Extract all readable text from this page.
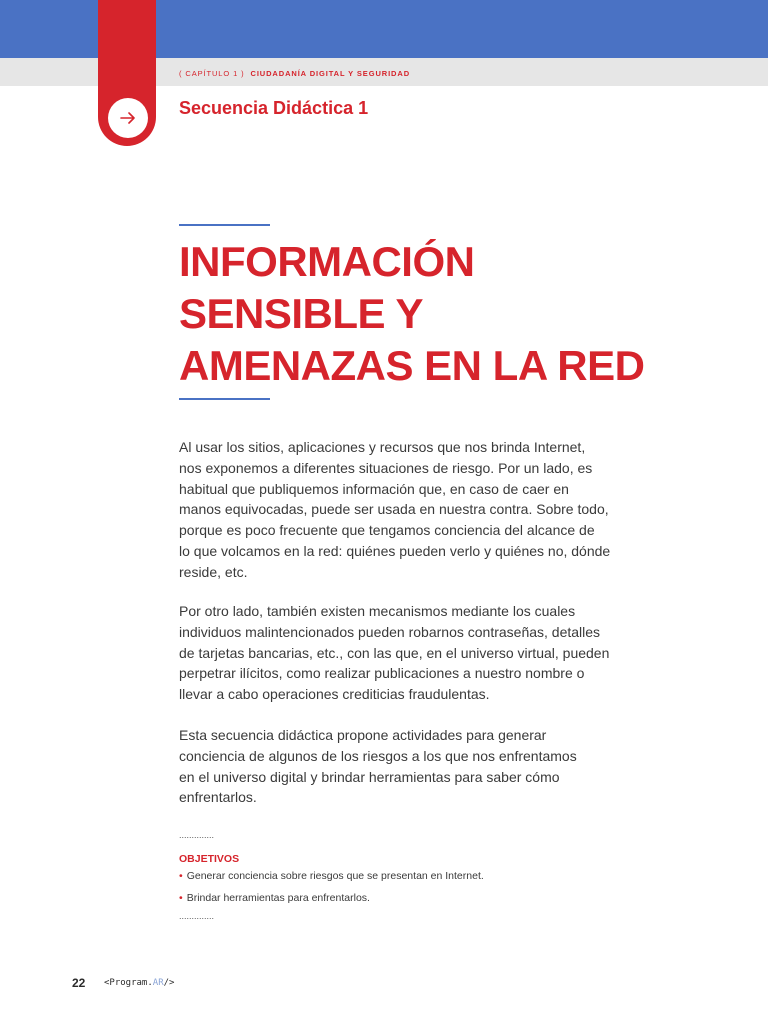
( CAPÍTULO 1 ) CIUDADANÍA DIGITAL Y SEGURIDAD
Secuencia Didáctica 1
INFORMACIÓN
SENSIBLE Y
AMENAZAS EN LA RED
Al usar los sitios, aplicaciones y recursos que nos brinda Internet,
nos exponemos a diferentes situaciones de riesgo. Por un lado, es
habitual que publiquemos información que, en caso de caer en
manos equivocadas, puede ser usada en nuestra contra. Sobre todo,
porque es poco frecuente que tengamos conciencia del alcance de
lo que volcamos en la red: quiénes pueden verlo y quiénes no, dónde
reside, etc.
Por otro lado, también existen mecanismos mediante los cuales
individuos malintencionados pueden robarnos contraseñas, detalles
de tarjetas bancarias, etc., con las que, en el universo virtual, pueden
perpetrar ilícitos, como realizar publicaciones a nuestro nombre o
llevar a cabo operaciones crediticias fraudulentas.
Esta secuencia didáctica propone actividades para generar
conciencia de algunos de los riesgos a los que nos enfrentamos
en el universo digital y brindar herramientas para saber cómo
enfrentarlos.
..............
OBJETIVOS
• Generar conciencia sobre riesgos que se presentan en Internet.
• Brindar herramientas para enfrentarlos.
..............
22 <Program.AR/>
